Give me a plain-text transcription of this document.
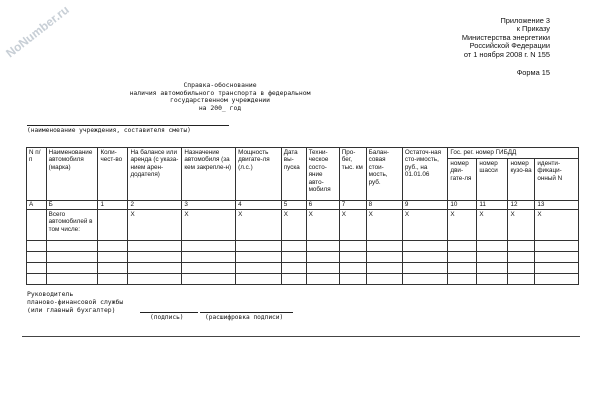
NoNumber.ru	Приложение 3
к Приказу
Министерства энергетики
Российской Федерации
от 1 ноября 2008 г. N 155
Форма 15
Справка-обоснование
наличия автомобильного транспорта в федеральном
государственном учреждении
на 200_ год
(наименование учреждения, составителя сметы)
N п/п	Наименование автомобиля (марка)	Коли-чест-во	На балансе или аренда (с указа-нием арен-додателя)	Назначение автомобиля (за кем закрепле-н)	Мощность двигате-ля (л.с.)	Дата вы-пуска	Техни-ческое состо-яние авто-мобиля	Про-бег, тыс. км	Балан-совая стои-мость, руб.	Остаточ-ная сто-имость, руб., на 01.01.06	Гос. рег. номер ГИБДД			
											номер дви-гате-ля	номер шасси	номер кузо-ва	иденти-фикаци-онный N
А	Б	1	2	3	4	5	6	7	8	9	10	11	12	13
	Всего автомобилей в том числе:		X	X	X	X	X	X	X	X	X	X	X	X

Руководитель
планово-финансовой службы
(или главный бухгалтер)
(подпись)	(расшифровка подписи)
